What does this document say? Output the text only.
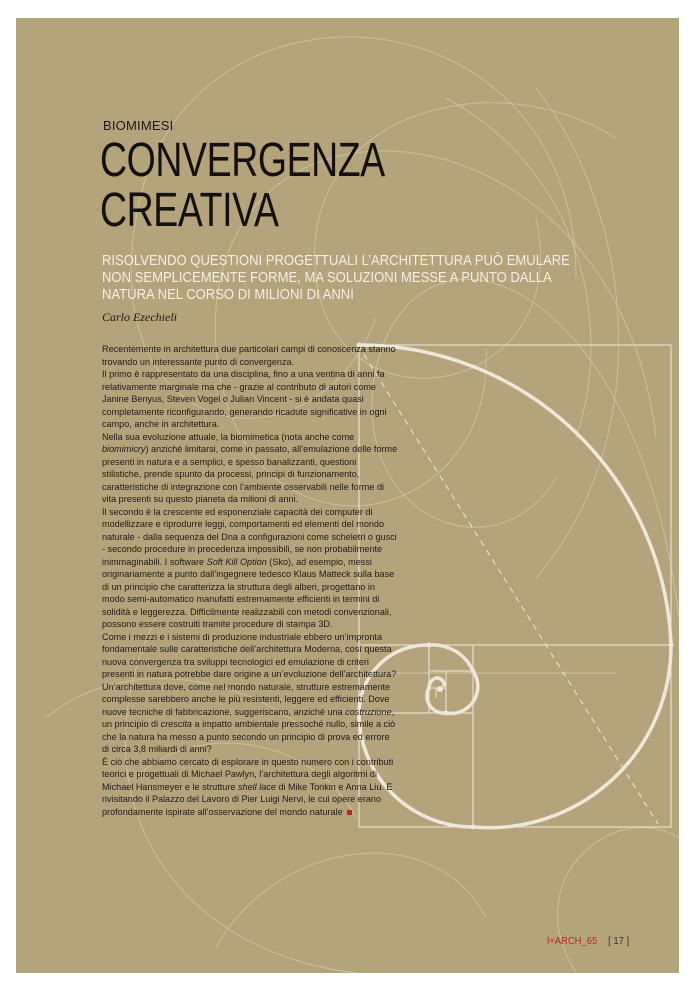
BIOMIMESI
CONVERGENZA
CREATIVA
RISOLVENDO QUESTIONI PROGETTUALI L’ARCHITETTURA PUÒ EMULARE NON SEMPLICEMENTE FORME, MA SOLUZIONI MESSE A PUNTO DALLA NATURA NEL CORSO DI MILIONI DI ANNI
Carlo Ezechieli

Recentemente in architettura due particolari campi di conoscenza stanno trovando un interessante punto di convergenza.

Il primo è rappresentato da una disciplina, fino a una ventina di anni fa relativamente marginale ma che - grazie al contributo di autori come Janine Benyus, Steven Vogel o Julian Vincent - si è andata quasi completamente riconfigurando, generando ricadute significative in ogni campo, anche in architettura.

Nella sua evoluzione attuale, la biomimetica (nota anche come biomimicry) anziché limitarsi, come in passato, all’emulazione delle forme presenti in natura e a semplici, e spesso banalizzanti, questioni stilistiche, prende spunto da processi, principi di funzionamento, caratteristiche di integrazione con l’ambiente osservabili nelle forme di vita presenti su questo pianeta da milioni di anni.

Il secondo è la crescente ed esponenziale capacità dei computer di modellizzare e riprodurre leggi, comportamenti ed elementi del mondo naturale - dalla sequenza del Dna a configurazioni come scheletri o gusci - secondo procedure in precedenza impossibili, se non probabilmente inimmaginabili. I software Soft Kill Option (Sko), ad esempio, messi originariamente a punto dall’ingegnere tedesco Klaus Matteck sulla base di un principio che caratterizza la struttura degli alberi, progettano in modo semi-automatico manufatti estremamente efficienti in termini di solidità e leggerezza. Difficilmente realizzabili con metodi convenzionali, possono essere costruiti tramite procedure di stampa 3D.

Come i mezzi e i sistemi di produzione industriale ebbero un’impronta fondamentale sulle caratteristiche dell’architettura Moderna, così questa nuova convergenza tra sviluppi tecnologici ed emulazione di criteri presenti in natura potrebbe dare origine a un’evoluzione dell’architettura? Un’architettura dove, come nel mondo naturale, strutture estremamente complesse sarebbero anche le più resistenti, leggere ed efficienti. Dove nuove tecniche di fabbricazione, suggeriscano, anziché una costruzione, un principio di crescita a impatto ambientale pressoché nullo, simile a ciò che la natura ha messo a punto secondo un principio di prova ed errore di circa 3,8 miliardi di anni?

È ciò che abbiamo cercato di esplorare in questo numero con i contributi teorici e progettuali di Michael Pawlyn, l’architettura degli algoritmi di Michael Hansmeyer e le strutture shell lace di Mike Tonkin e Anna Liu. E rivisitando il Palazzo del Lavoro di Pier Luigi Nervi, le cui opere erano profondamente ispirate all’osservazione del mondo naturale

l+ARCH_65 [ 17 ]
